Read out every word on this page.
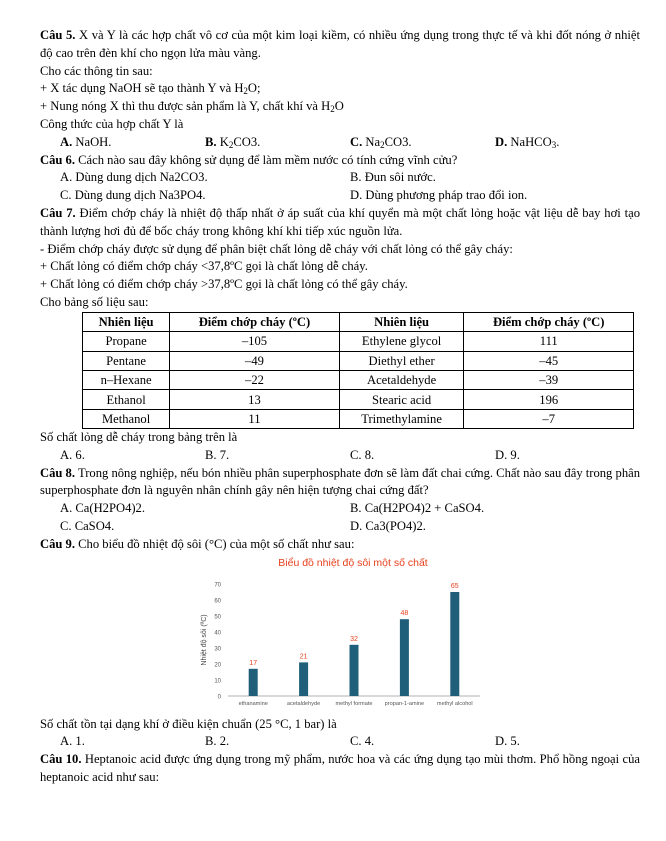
Câu 5. X và Y là các hợp chất vô cơ của một kim loại kiềm, có nhiều ứng dụng trong thực tế và khi đốt nóng ở nhiệt độ cao trên đèn khí cho ngọn lửa màu vàng.
Cho các thông tin sau:
+ X tác dụng NaOH sẽ tạo thành Y và $H_2O$;
+ Nung nóng X thì thu được sản phẩm là Y, chất khí và $H_2O$
Công thức của hợp chất Y là
A. NaOH.	B. $K_2CO3$.	C. $Na_2CO3$.	D. NaHCO$_3$.
Câu 6. Cách nào sau đây không sử dụng để làm mềm nước có tính cứng vĩnh cửu?
A. Dùng dung dịch Na2CO3.	B. Đun sôi nước.
C. Dùng dung dịch Na3PO4.	D. Dùng phương pháp trao đổi ion.
Câu 7. Điểm chớp cháy là nhiệt độ thấp nhất ở áp suất của khí quyển mà một chất lỏng hoặc vật liệu dễ bay hơi tạo thành lượng hơi đủ để bốc cháy trong không khí khi tiếp xúc nguồn lửa.
- Điểm chớp cháy được sử dụng để phân biệt chất lỏng dễ cháy với chất lỏng có thể gây cháy:
+ Chất lỏng có điểm chớp cháy <37,8ºC gọi là chất lỏng dễ cháy.
+ Chất lỏng có điểm chớp cháy >37,8ºC gọi là chất lỏng có thể gây cháy.
Cho bảng số liệu sau:
Nhiên liệu	Điểm chớp cháy (ºC)	Nhiên liệu	Điểm chớp cháy (ºC)
Propane	–105	Ethylene glycol	111
Pentane	–49	Diethyl ether	–45
n–Hexane	–22	Acetaldehyde	–39
Ethanol	13	Stearic acid	196
Methanol	11	Trimethylamine	–7
Số chất lỏng dễ cháy trong bảng trên là
A. 6.	B. 7.	C. 8.	D. 9.
Câu 8. Trong nông nghiệp, nếu bón nhiều phân superphosphate đơn sẽ làm đất chai cứng. Chất nào sau đây trong phân superphosphate đơn là nguyên nhân chính gây nên hiện tượng chai cứng đất?
A. Ca(H2PO4)2.	B. Ca(H2PO4)2 + CaSO4.
C. CaSO4.	D. Ca3(PO4)2.
Câu 9. Cho biểu đồ nhiệt độ sôi (°C) của một số chất như sau:
Biểu đồ nhiệt độ sôi một số chất
0
10
20
30
40
50
60
70
Nhiệt độ sôi (ºC)	17
ethanamine
21
acetaldehyde
32
methyl formate
48
propan-1-amine
65
methyl alcohol
Số chất tồn tại dạng khí ở điều kiện chuẩn (25 °C, 1 bar) là
A. 1.	B. 2.	C. 4.	D. 5.
Câu 10. Heptanoic acid được ứng dụng trong mỹ phẩm, nước hoa và các ứng dụng tạo mùi thơm. Phổ hồng ngoại của heptanoic acid như sau:
